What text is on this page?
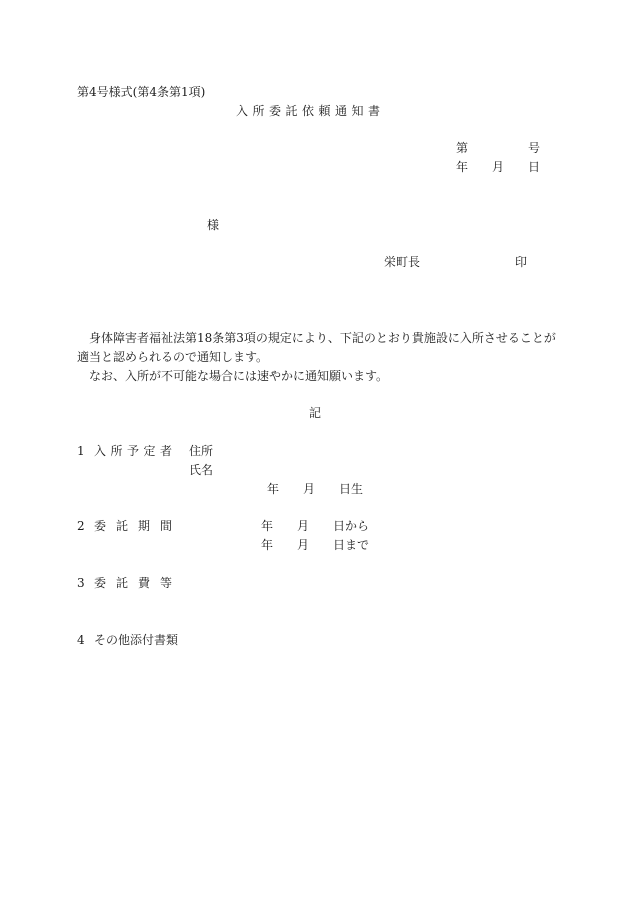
第4号様式(第4条第1項)
入所委託依頼通知書
第	号
年 月 日
様
栄町長	印
身体障害者福祉法第18条第3項の規定により、下記のとおり貴施設に入所させることが
適当と認められるので通知します。
なお、入所が不可能な場合には速やかに通知願います。
記
1 入所予定者 住所
氏名
年 月 日生
2 委託期間	年 月 日から
年 月 日まで
3 委託費等
4 その他添付書類
